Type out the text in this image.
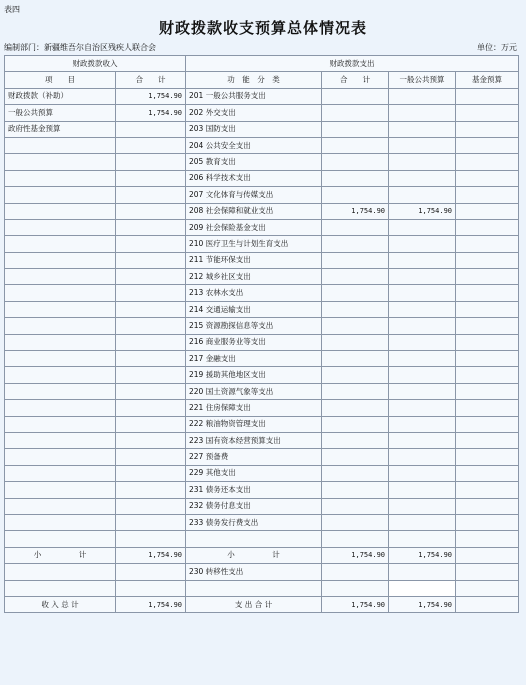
表四
财政拨款收支预算总体情况表
编制部门：新疆维吾尔自治区残疾人联合会	单位：万元
财政拨款收入		财政拨款支出			
项　　目	合　　计	功　能　分　类	合　　计	一般公共预算	基金预算
财政拨款（补助）	1,754.90	201 一般公共服务支出			
一般公共预算	1,754.90	202 外交支出			
政府性基金预算		203 国防支出			
		204 公共安全支出			
		205 教育支出			
		206 科学技术支出			
		207 文化体育与传媒支出			
		208 社会保障和就业支出	1,754.90	1,754.90	
		209 社会保险基金支出			
		210 医疗卫生与计划生育支出			
		211 节能环保支出			
		212 城乡社区支出			
		213 农林水支出			
		214 交通运输支出			
		215 资源勘探信息等支出			
		216 商业服务业等支出			
		217 金融支出			
		219 援助其他地区支出			
		220 国土资源气象等支出			
		221 住房保障支出			
		222 粮油物资管理支出			
		223 国有资本经营预算支出			
		227 预备费			
		229 其他支出			
		231 债务还本支出			
		232 债务付息支出			
		233 债务发行费支出			

小　　　　　计	1,754.90	小　　　　　计	1,754.90	1,754.90	
		230 转移性支出			

收 入 总 计	1,754.90	支 出 合 计	1,754.90	1,754.90	
